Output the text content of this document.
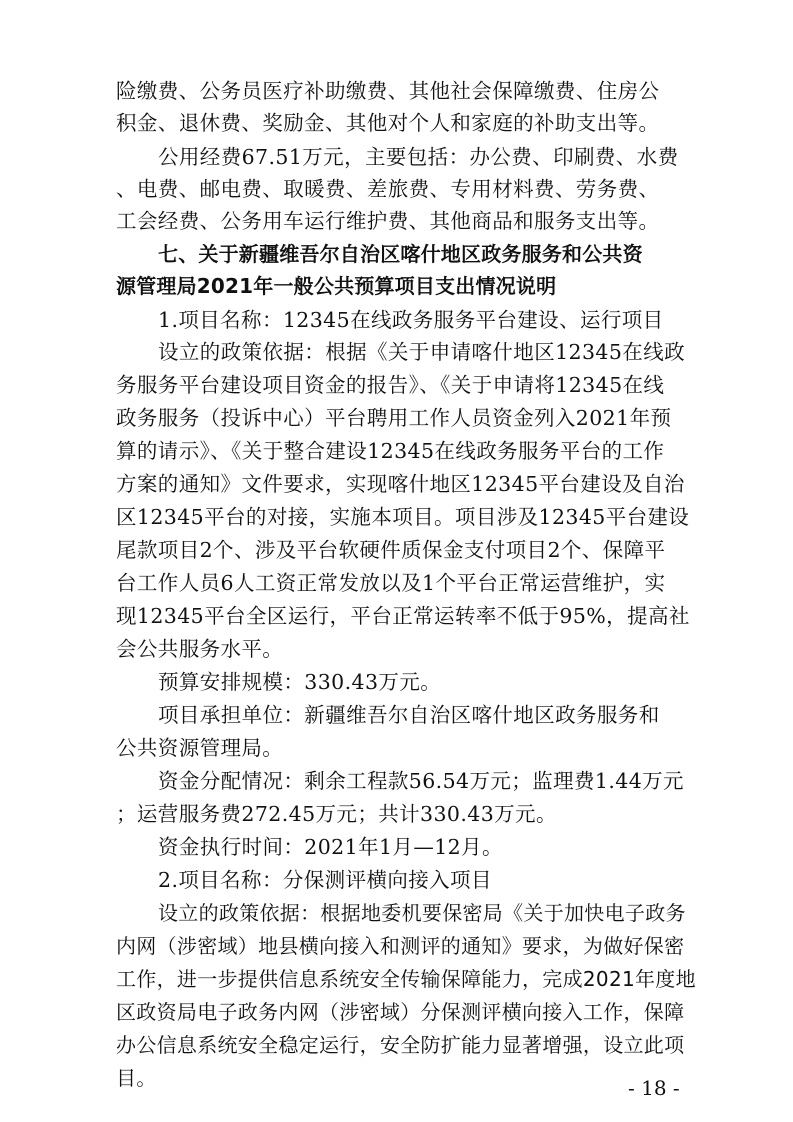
险缴费、公务员医疗补助缴费、其他社会保障缴费、住房公
积金、退休费、奖励金、其他对个人和家庭的补助支出等。
公用经费67.51万元，主要包括：办公费、印刷费、水费
、电费、邮电费、取暖费、差旅费、专用材料费、劳务费、
工会经费、公务用车运行维护费、其他商品和服务支出等。
七、关于新疆维吾尔自治区喀什地区政务服务和公共资
源管理局2021年一般公共预算项目支出情况说明
1.项目名称：12345在线政务服务平台建设、运行项目
设立的政策依据：根据《关于申请喀什地区12345在线政
务服务平台建设项目资金的报告》、《关于申请将12345在线
政务服务（投诉中心）平台聘用工作人员资金列入2021年预
算的请示》、《关于整合建设12345在线政务服务平台的工作
方案的通知》文件要求，实现喀什地区12345平台建设及自治
区12345平台的对接，实施本项目。项目涉及12345平台建设
尾款项目2个、涉及平台软硬件质保金支付项目2个、保障平
台工作人员6人工资正常发放以及1个平台正常运营维护，实
现12345平台全区运行，平台正常运转率不低于95%，提高社
会公共服务水平。
预算安排规模：330.43万元。
项目承担单位：新疆维吾尔自治区喀什地区政务服务和
公共资源管理局。
资金分配情况：剩余工程款56.54万元；监理费1.44万元
；运营服务费272.45万元；共计330.43万元。
资金执行时间：2021年1月—12月。
2.项目名称：分保测评横向接入项目
设立的政策依据：根据地委机要保密局《关于加快电子政务
内网（涉密域）地县横向接入和测评的通知》要求，为做好保密
工作，进一步提供信息系统安全传输保障能力，完成2021年度地
区政资局电子政务内网（涉密域）分保测评横向接入工作，保障
办公信息系统安全稳定运行，安全防扩能力显著增强，设立此项
目。	- 18 -
